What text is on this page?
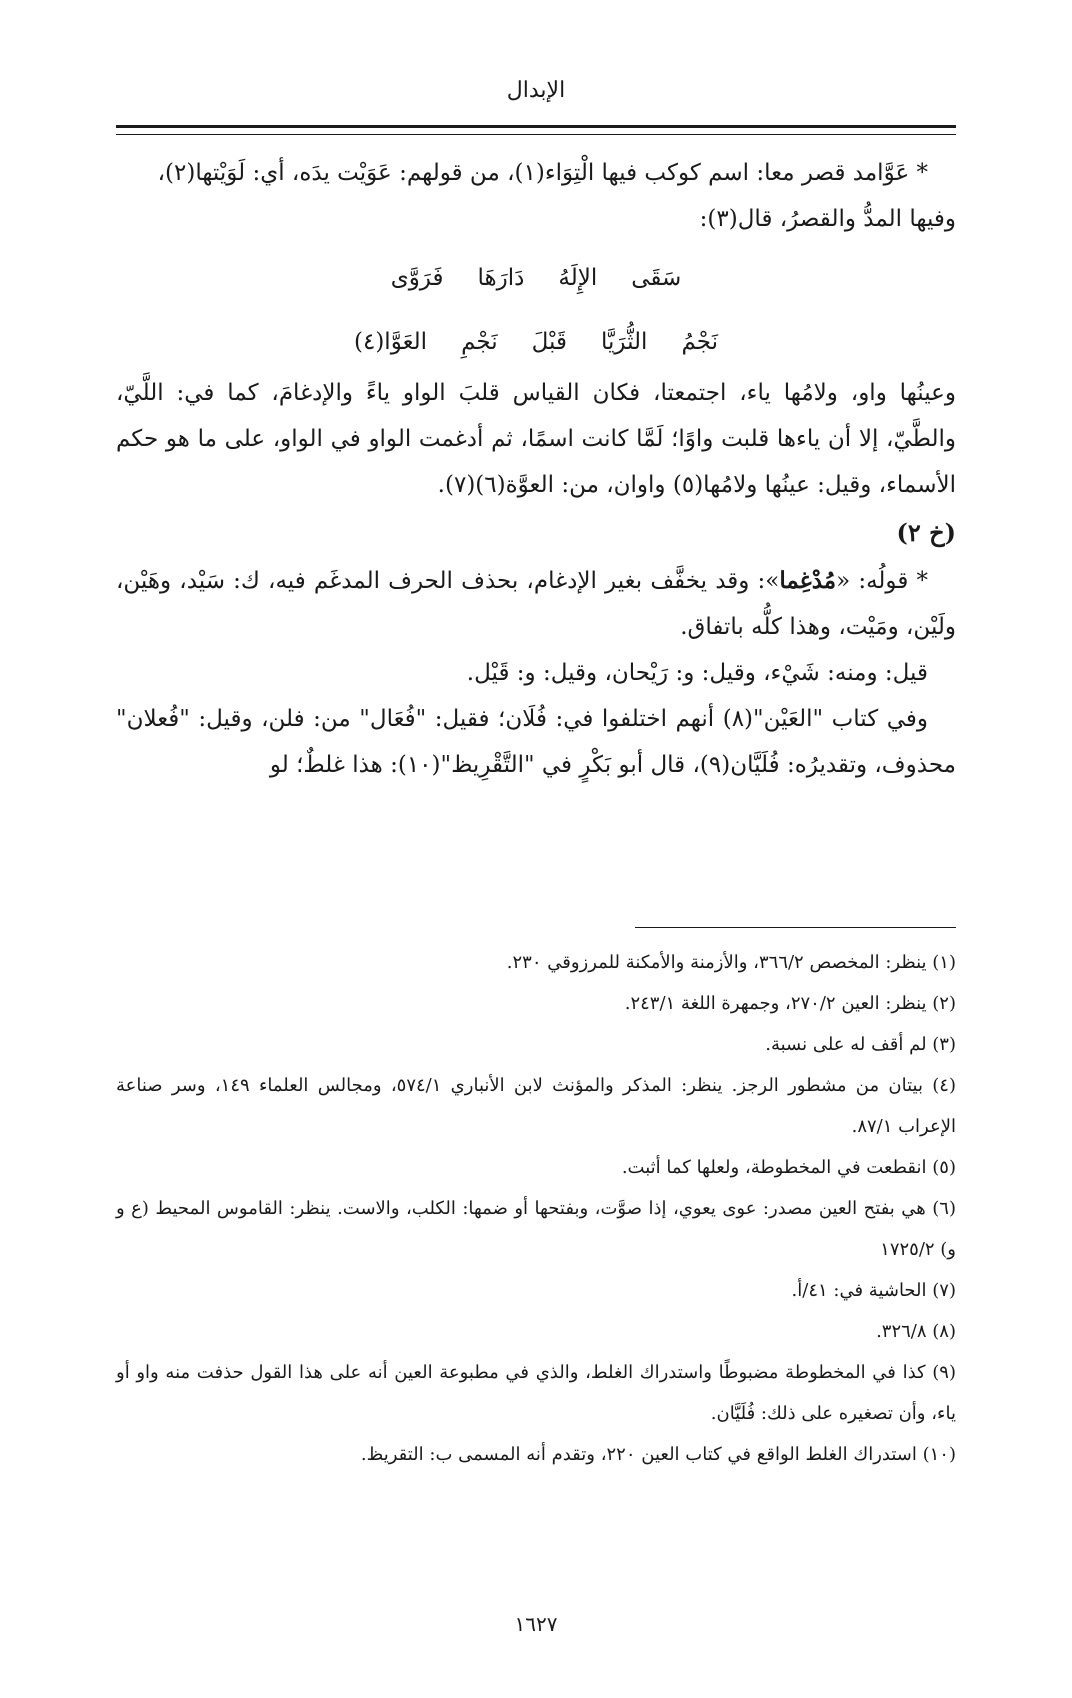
الإبدال

* عَوَّامد قصر معا: اسم كوكب فيها الْتِوَاء(١)، من قولهم: عَوَيْت يدَه، أي: لَوَيْتها(٢)،

وفيها المدُّ والقصرُ، قال(٣):

سَقَى
الإِلَهُ
دَارَهَا
فَرَوَّى
نَجْمُ
الثُّرَيَّا
قَبْلَ
نَجْمِ
العَوَّا(٤)

وعينُها واو، ولامُها ياء، اجتمعتا، فكان القياس قلبَ الواو ياءً والإدغامَ، كما في: اللَّيّ، والطَّيّ، إلا أن ياءها قلبت واوًا؛ لَمَّا كانت اسمًا، ثم أدغمت الواو في الواو، على ما هو حكم الأسماء، وقيل: عينُها ولامُها(٥) واوان، من: العوَّة(٦)(٧).

(خ ٢)

* قولُه: «مُدْغِما»: وقد يخفَّف بغير الإدغام، بحذف الحرف المدغَم فيه، ك: سَيْد، وهَيْن، ولَيْن، ومَيْت، وهذا كلُّه باتفاق.

قيل: ومنه: شَيْء، وقيل: و: رَيْحان، وقيل: و: قَيْل.

وفي كتاب "العَيْن"(٨) أنهم اختلفوا في: فُلَان؛ فقيل: "فُعَال" من: فلن، وقيل: "فُعلان" محذوف، وتقديرُه: فُلَيَّان(٩)، قال أبو بَكْرٍ في "التَّقْرِيظ"(١٠): هذا غلطٌ؛ لو

(١) ينظر: المخصص ٣٦٦/٢، والأزمنة والأمكنة للمرزوقي ٢٣٠.

(٢) ينظر: العين ٢٧٠/٢، وجمهرة اللغة ٢٤٣/١.

(٣) لم أقف له على نسبة.

(٤) بيتان من مشطور الرجز. ينظر: المذكر والمؤنث لابن الأنباري ٥٧٤/١، ومجالس العلماء ١٤٩، وسر صناعة الإعراب ٨٧/١.

(٥) انقطعت في المخطوطة، ولعلها كما أثبت.

(٦) هي بفتح العين مصدر: عوى يعوي، إذا صوَّت، وبفتحها أو ضمها: الكلب، والاست. ينظر: القاموس المحيط (ع و و) ١٧٢٥/٢

(٧) الحاشية في: ٤١/أ.

(٨) ٣٢٦/٨.

(٩) كذا في المخطوطة مضبوطًا واستدراك الغلط، والذي في مطبوعة العين أنه على هذا القول حذفت منه واو أو ياء، وأن تصغيره على ذلك: فُلَيَّان.

(١٠) استدراك الغلط الواقع في كتاب العين ٢٢٠، وتقدم أنه المسمى ب: التقريظ.

١٦٢٧
